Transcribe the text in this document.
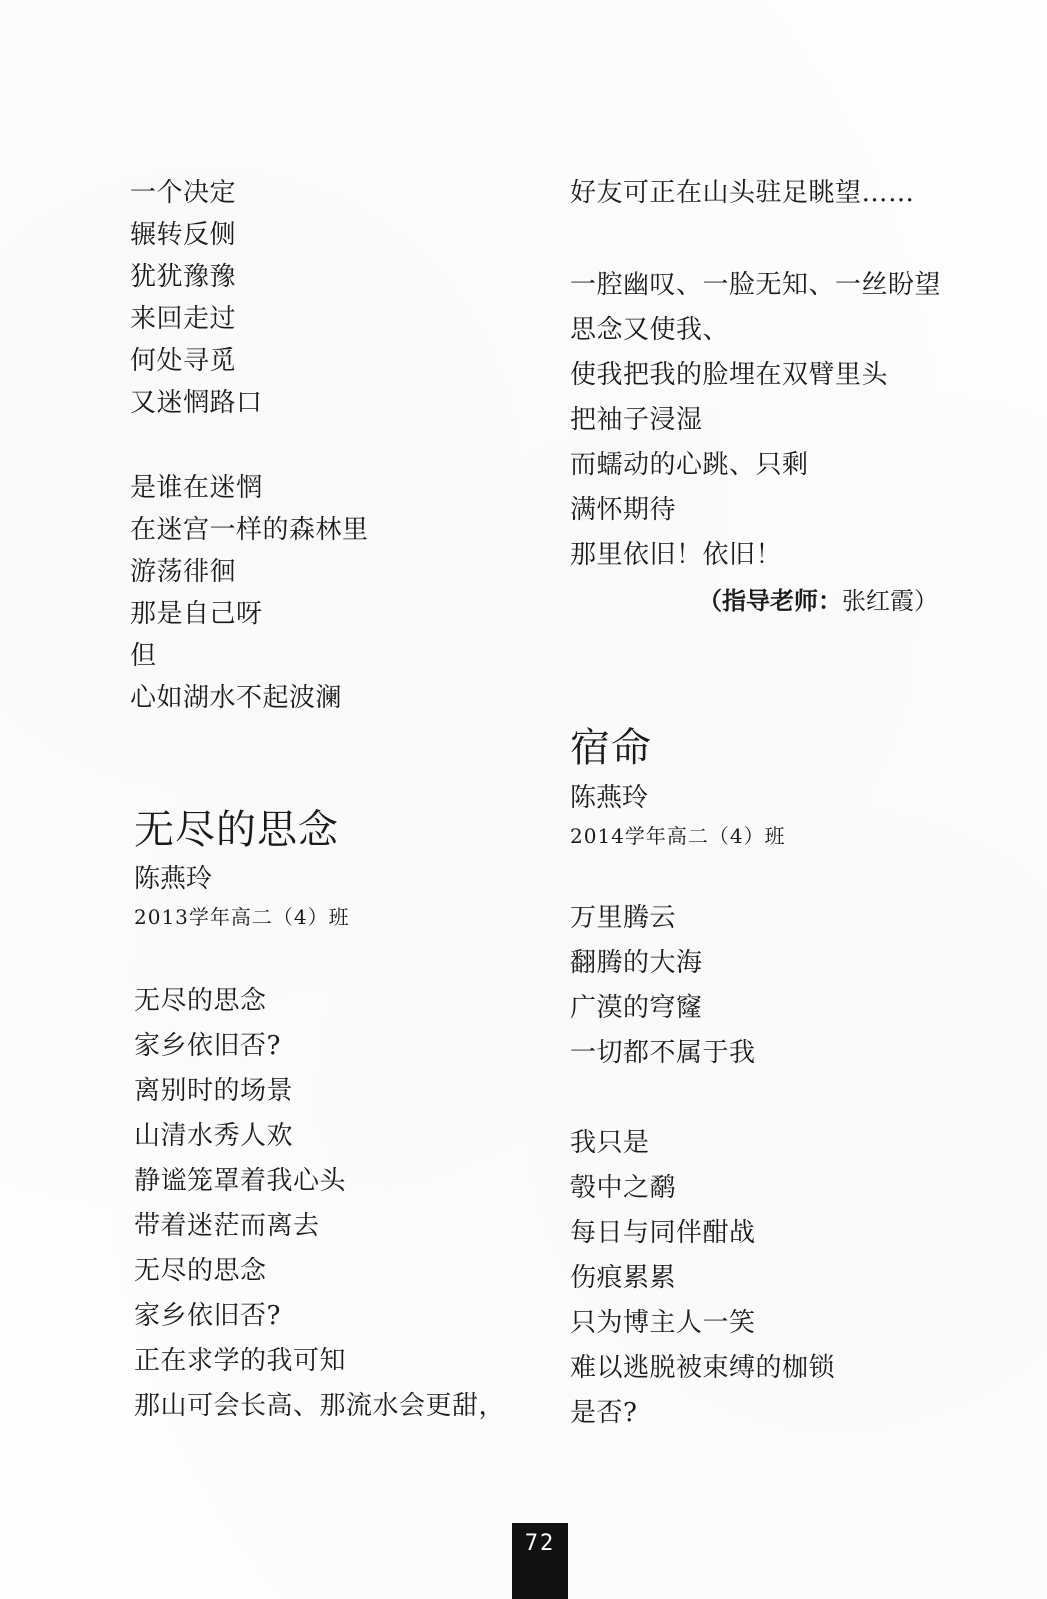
一个决定
辗转反侧
犹犹豫豫
来回走过
何处寻觅
又迷惘路口
是谁在迷惘
在迷宫一样的森林里
游荡徘徊
那是自己呀
但
心如湖水不起波澜
无尽的思念
陈燕玲
2013学年高二（4）班
无尽的思念
家乡依旧否?
离别时的场景
山清水秀人欢
静谧笼罩着我心头
带着迷茫而离去
无尽的思念
家乡依旧否?
正在求学的我可知
那山可会长高、那流水会更甜，
好友可正在山头驻足眺望……
一腔幽叹、一脸无知、一丝盼望
思念又使我、
使我把我的脸埋在双臂里头
把袖子浸湿
而蠕动的心跳、只剩
满怀期待
那里依旧！依旧！
（指导老师：张红霞）
宿命
陈燕玲
2014学年高二（4）班
万里腾云
翻腾的大海
广漠的穹窿
一切都不属于我
我只是
彀中之鹬
每日与同伴酣战
伤痕累累
只为博主人一笑
难以逃脱被束缚的枷锁
是否?
72
